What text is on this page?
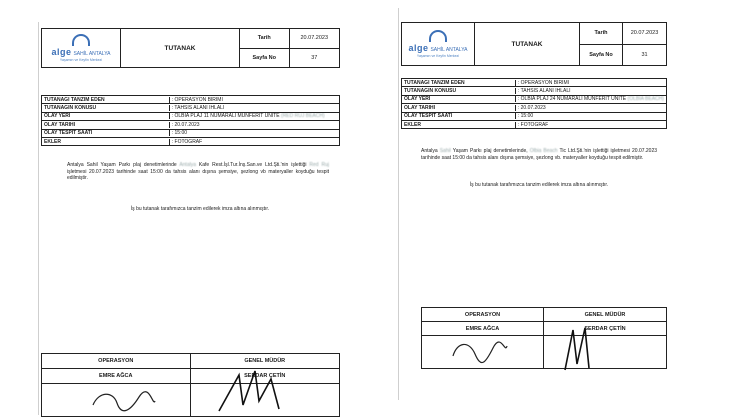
alge SAHİL ANTALYA
Yaşamın ve Keyfin Merkezi
TUTANAK
Tarih	20.07.2023
Sayfa No	37
TUTANAĞI TANZİM EDEN	: OPERASYON BİRİMİ
TUTANAĞIN KONUSU	: TAHSİS ALANI İHLALİ
OLAY YERİ	: OLBİA PLAJ 11 NUMARALI MÜNFERİT ÜNİTE (RED RUJ BEACH)
OLAY TARİHİ	: 20.07.2023
OLAY TESPİT SAATİ	: 15:00
EKLER	: FOTOĞRAF
Antalya Sahil Yaşam Parkı plaj denetimlerinde Antalya Kafe Rest.İşl.Tur.İnş.San.ve Ltd.Şti.'nin işlettiği Red Ruj işletmesi 20.07.2023 tarihinde saat 15:00 da tahsis alanı dışına şemsiye, şezlong vb materyaller koyduğu tespit edilmiştir.
İş bu tutanak tarafımızca tanzim edilerek imza altına alınmıştır.
OPERASYON	GENEL MÜDÜR
EMRE AĞCA	SERDAR ÇETİN
alge SAHİL ANTALYA
Yaşamın ve Keyfin Merkezi
TUTANAK
Tarih	20.07.2023
Sayfa No	31
TUTANAĞI TANZİM EDEN	: OPERASYON BİRİMİ
TUTANAĞIN KONUSU	: TAHSİS ALANI İHLALİ
OLAY YERİ	: OLBİA PLAJ 24 NUMARALI MÜNFERİT ÜNİTE (OLBIA BEACH)
OLAY TARİHİ	: 20.07.2023
OLAY TESPİT SAATİ	: 15:00
EKLER	: FOTOĞRAF
Antalya Sahil Yaşam Parkı plaj denetimlerinde, Olbia Beach Tic Ltd.Şti.'nin işlettiği işletmesi 20.07.2023 tarihinde saat 15:00 da tahsis alanı dışına şemsiye, şezlong vb. materyaller koyduğu tespit edilmiştir.
İş bu tutanak tarafımızca tanzim edilerek imza altına alınmıştır.
OPERASYON	GENEL MÜDÜR
EMRE AĞCA	SERDAR ÇETİN
